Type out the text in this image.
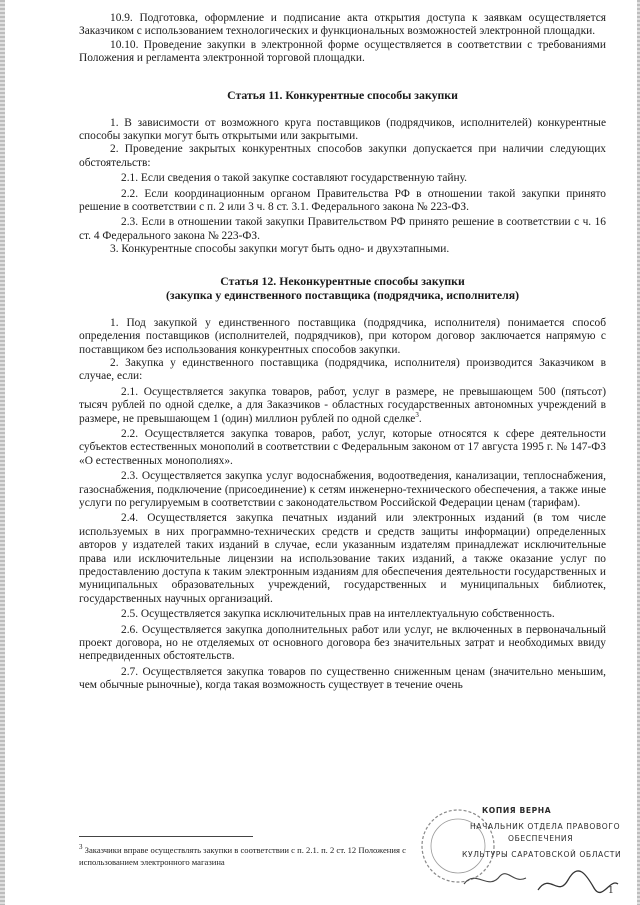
10.9. Подготовка, оформление и подписание акта открытия доступа к заявкам осуществляется Заказчиком с использованием технологических и функциональных возможностей электронной площадки.

10.10. Проведение закупки в электронной форме осуществляется в соответствии с требованиями Положения и регламента электронной торговой площадки.

Статья 11. Конкурентные способы закупки

1. В зависимости от возможного круга поставщиков (подрядчиков, исполнителей) конкурентные способы закупки могут быть открытыми или закрытыми.

2. Проведение закрытых конкурентных способов закупки допускается при наличии следующих обстоятельств:

2.1. Если сведения о такой закупке составляют государственную тайну.

2.2. Если координационным органом Правительства РФ в отношении такой закупки принято решение в соответствии с п. 2 или 3 ч. 8 ст. 3.1. Федерального закона № 223-ФЗ.

2.3. Если в отношении такой закупки Правительством РФ принято решение в соответствии с ч. 16 ст. 4 Федерального закона № 223-ФЗ.

3. Конкурентные способы закупки могут быть одно- и двухэтапными.

Статья 12. Неконкурентные способы закупки

(закупка у единственного поставщика (подрядчика, исполнителя)

1. Под закупкой у единственного поставщика (подрядчика, исполнителя) понимается способ определения поставщиков (исполнителей, подрядчиков), при котором договор заключается напрямую с поставщиком без использования конкурентных способов закупки.

2. Закупка у единственного поставщика (подрядчика, исполнителя) производится Заказчиком в случае, если:

2.1. Осуществляется закупка товаров, работ, услуг в размере, не превышающем 500 (пятьсот) тысяч рублей по одной сделке, а для Заказчиков - областных государственных автономных учреждений в размере, не превышающем 1 (один) миллион рублей по одной сделке$^3$.

2.2. Осуществляется закупка товаров, работ, услуг, которые относятся к сфере деятельности субъектов естественных монополий в соответствии с Федеральным законом от 17 августа 1995 г. № 147-ФЗ «О естественных монополиях».

2.3. Осуществляется закупка услуг водоснабжения, водоотведения, канализации, теплоснабжения, газоснабжения, подключение (присоединение) к сетям инженерно-технического обеспечения, а также иные услуги по регулируемым в соответствии с законодательством Российской Федерации ценам (тарифам).

2.4. Осуществляется закупка печатных изданий или электронных изданий (в том числе используемых в них программно-технических средств и средств защиты информации) определенных авторов у издателей таких изданий в случае, если указанным издателям принадлежат исключительные права или исключительные лицензии на использование таких изданий, а также оказание услуг по предоставлению доступа к таким электронным изданиям для обеспечения деятельности государственных и муниципальных образовательных учреждений, государственных и муниципальных библиотек, государственных научных организаций.

2.5. Осуществляется закупка исключительных прав на интеллектуальную собственность.

2.6. Осуществляется закупка дополнительных работ или услуг, не включенных в первоначальный проект договора, но не отделяемых от основного договора без значительных затрат и необходимых ввиду непредвиденных обстоятельств.

2.7. Осуществляется закупка товаров по существенно сниженным ценам (значительно меньшим, чем обычные рыночные), когда такая возможность существует в течение очень

$^3$ Заказчики вправе осуществлять закупки в соответствии с п. 2.1. п. 2 ст. 12 Положения с использованием электронного магазина
КОПИЯ ВЕРНА
НАЧАЛЬНИК ОТДЕЛА ПРАВОВОГО
ОБЕСПЕЧЕНИЯ
КУЛЬТУРЫ САРАТОВСКОЙ ОБЛАСТИ
1
